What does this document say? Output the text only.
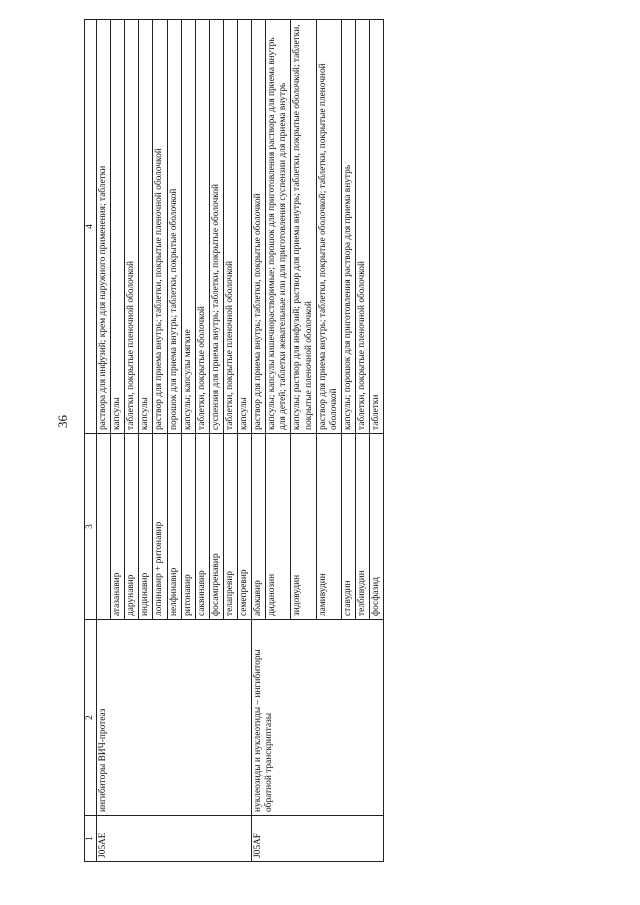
36
1	2	3	4
J05AE	ингибиторы ВИЧ-протеаз		раствора для инфузий; крем для наружного применения; таблетки
		атазанавир	капсулы
		дарунавир	таблетки, покрытые пленочной оболочкой
		индинавир	капсулы
		лопинавир + ритонавир	раствор для приема внутрь; таблетки, покрытые пленочной оболочкой
		нелфинавир	порошок для приема внутрь; таблетки, покрытые оболочкой
		ритонавир	капсулы; капсулы мягкие
		саквинавир	таблетки, покрытые оболочкой
		фосампренавир	суспензия для приема внутрь; таблетки, покрытые оболочкой
		телапревир	таблетки, покрытые пленочной оболочкой
		семепревир	капсулы
J05AF	нуклеозиды и нуклеотиды – ингибиторы обратной транскриптазы	абакавир	раствор для приема внутрь; таблетки, покрытые оболочкой
		диданозин	капсулы; капсулы кишечнорастворимые; порошок для приготовления раствора для приема внутрь для детей; таблетки жевательные или для приготовления суспензии для приема внутрь
		зидовудин	капсулы; раствор для инфузий; раствор для приема внутрь; таблетки, покрытые оболочкой; таблетки, покрытые пленочной оболочкой
		ламивудин	раствор для приема внутрь; таблетки, покрытые оболочкой; таблетки, покрытые пленочной оболочкой
		ставудин	капсулы; порошок для приготовления раствора для приема внутрь
		телбивудин	таблетки, покрытые пленочной оболочкой
		фосфазид	таблетки
